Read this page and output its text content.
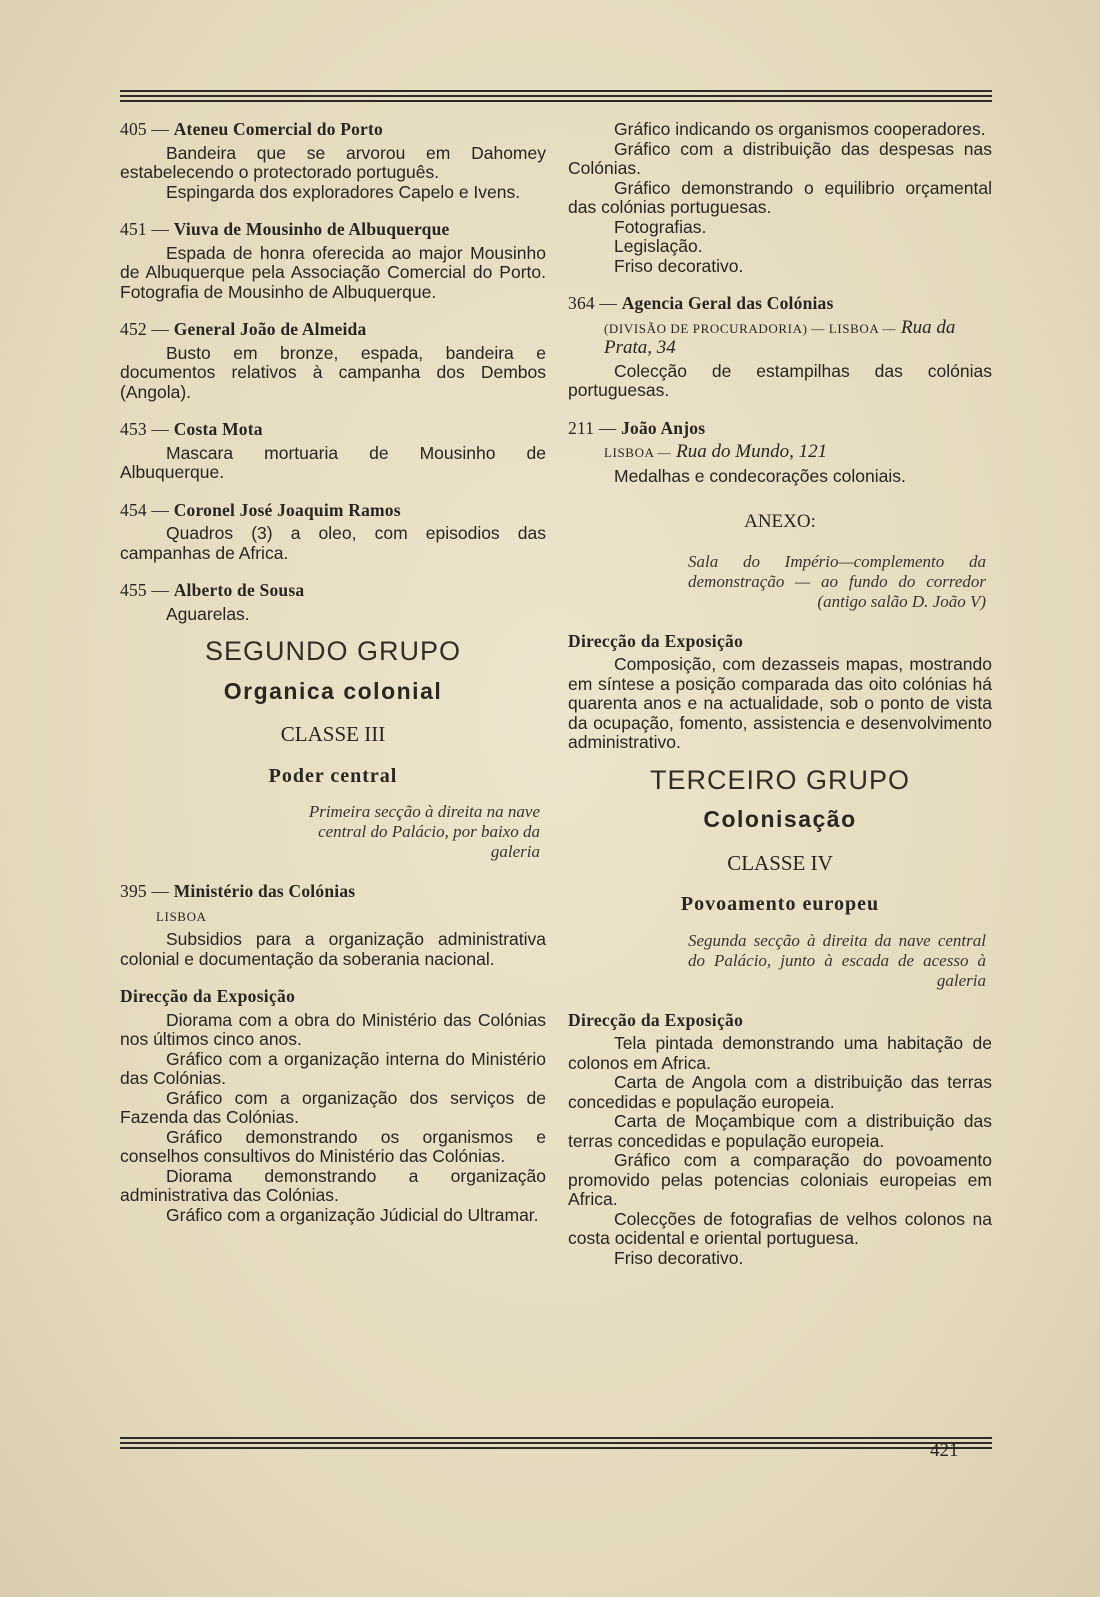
405 — Ateneu Comercial do Porto
Bandeira que se arvorou em Dahomey estabelecendo o protectorado português.
Espingarda dos exploradores Capelo e Ivens.
451 — Viuva de Mousinho de Albuquerque
Espada de honra oferecida ao major Mousinho de Albuquerque pela Associação Comercial do Porto. Fotografia de Mousinho de Albuquerque.
452 — General João de Almeida
Busto em bronze, espada, bandeira e documentos relativos à campanha dos Dembos (Angola).
453 — Costa Mota
Mascara mortuaria de Mousinho de Albuquerque.
454 — Coronel José Joaquim Ramos
Quadros (3) a oleo, com episodios das campanhas de Africa.
455 — Alberto de Sousa
Aguarelas.
SEGUNDO GRUPO
Organica colonial
CLASSE III
Poder central
Primeira secção à direita na nave central do Palácio, por baixo da galeria
395 — Ministério das Colónias
LISBOA
Subsidios para a organização administrativa colonial e documentação da soberania nacional.
Direcção da Exposição
Diorama com a obra do Ministério das Colónias nos últimos cinco anos.
Gráfico com a organização interna do Ministério das Colónias.
Gráfico com a organização dos serviços de Fazenda das Colónias.
Gráfico demonstrando os organismos e conselhos consultivos do Ministério das Colónias.
Diorama demonstrando a organização administrativa das Colónias.
Gráfico com a organização Júdicial do Ultramar.
Gráfico indicando os organismos cooperadores.
Gráfico com a distribuição das despesas nas Colónias.
Gráfico demonstrando o equilibrio orçamental das colónias portuguesas.
Fotografias.
Legislação.
Friso decorativo.
364 — Agencia Geral das Colónias
(DIVISÃO DE PROCURADORIA) — LISBOA — Rua da Prata, 34
Colecção de estampilhas das colónias portuguesas.
211 — João Anjos
LISBOA — Rua do Mundo, 121
Medalhas e condecorações coloniais.
ANEXO:
Sala do Império—complemento da demonstração — ao fundo do corredor (antigo salão D. João V)
Direcção da Exposição
Composição, com dezasseis mapas, mostrando em síntese a posição comparada das oito colónias há quarenta anos e na actualidade, sob o ponto de vista da ocupação, fomento, assistencia e desenvolvimento administrativo.
TERCEIRO GRUPO
Colonisação
CLASSE IV
Povoamento europeu
Segunda secção à direita da nave central do Palácio, junto à escada de acesso à galeria
Direcção da Exposição
Tela pintada demonstrando uma habitação de colonos em Africa.
Carta de Angola com a distribuição das terras concedidas e população europeia.
Carta de Moçambique com a distribuição das terras concedidas e população europeia.
Gráfico com a comparação do povoamento promovido pelas potencias coloniais europeias em Africa.
Colecções de fotografias de velhos colonos na costa ocidental e oriental portuguesa.
Friso decorativo.
421
